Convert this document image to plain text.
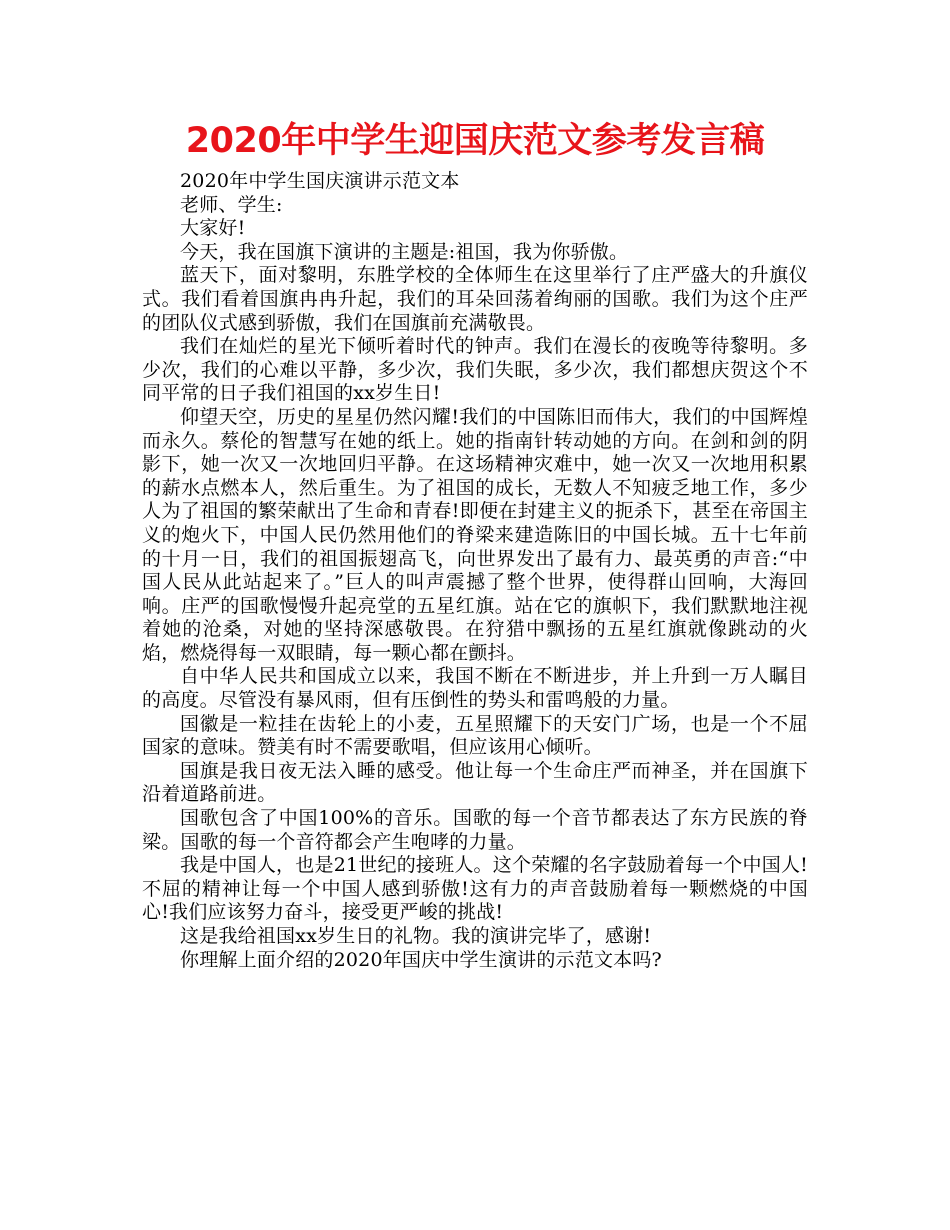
2020年中学生迎国庆范文参考发言稿

2020年中学生国庆演讲示范文本

老师、学生:

大家好!

今天，我在国旗下演讲的主题是:祖国，我为你骄傲。

蓝天下，面对黎明，东胜学校的全体师生在这里举行了庄严盛大的升旗仪式。我们看着国旗冉冉升起，我们的耳朵回荡着绚丽的国歌。我们为这个庄严的团队仪式感到骄傲，我们在国旗前充满敬畏。

我们在灿烂的星光下倾听着时代的钟声。我们在漫长的夜晚等待黎明。多少次，我们的心难以平静，多少次，我们失眠，多少次，我们都想庆贺这个不同平常的日子我们祖国的xx岁生日!

仰望天空，历史的星星仍然闪耀!我们的中国陈旧而伟大，我们的中国辉煌而永久。蔡伦的智慧写在她的纸上。她的指南针转动她的方向。在剑和剑的阴影下，她一次又一次地回归平静。在这场精神灾难中，她一次又一次地用积累的薪水点燃本人，然后重生。为了祖国的成长，无数人不知疲乏地工作，多少人为了祖国的繁荣献出了生命和青春!即便在封建主义的扼杀下，甚至在帝国主义的炮火下，中国人民仍然用他们的脊梁来建造陈旧的中国长城。五十七年前的十月一日，我们的祖国振翅高飞，向世界发出了最有力、最英勇的声音:“中国人民从此站起来了。”巨人的叫声震撼了整个世界，使得群山回响，大海回响。庄严的国歌慢慢升起亮堂的五星红旗。站在它的旗帜下，我们默默地注视着她的沧桑，对她的坚持深感敬畏。在狩猎中飘扬的五星红旗就像跳动的火焰，燃烧得每一双眼睛，每一颗心都在颤抖。

自中华人民共和国成立以来，我国不断在不断进步，并上升到一万人瞩目的高度。尽管没有暴风雨，但有压倒性的势头和雷鸣般的力量。

国徽是一粒挂在齿轮上的小麦，五星照耀下的天安门广场，也是一个不屈国家的意味。赞美有时不需要歌唱，但应该用心倾听。

国旗是我日夜无法入睡的感受。他让每一个生命庄严而神圣，并在国旗下沿着道路前进。

国歌包含了中国100%的音乐。国歌的每一个音节都表达了东方民族的脊梁。国歌的每一个音符都会产生咆哮的力量。

我是中国人，也是21世纪的接班人。这个荣耀的名字鼓励着每一个中国人!不屈的精神让每一个中国人感到骄傲!这有力的声音鼓励着每一颗燃烧的中国心!我们应该努力奋斗，接受更严峻的挑战!

这是我给祖国xx岁生日的礼物。我的演讲完毕了，感谢!

你理解上面介绍的2020年国庆中学生演讲的示范文本吗?
